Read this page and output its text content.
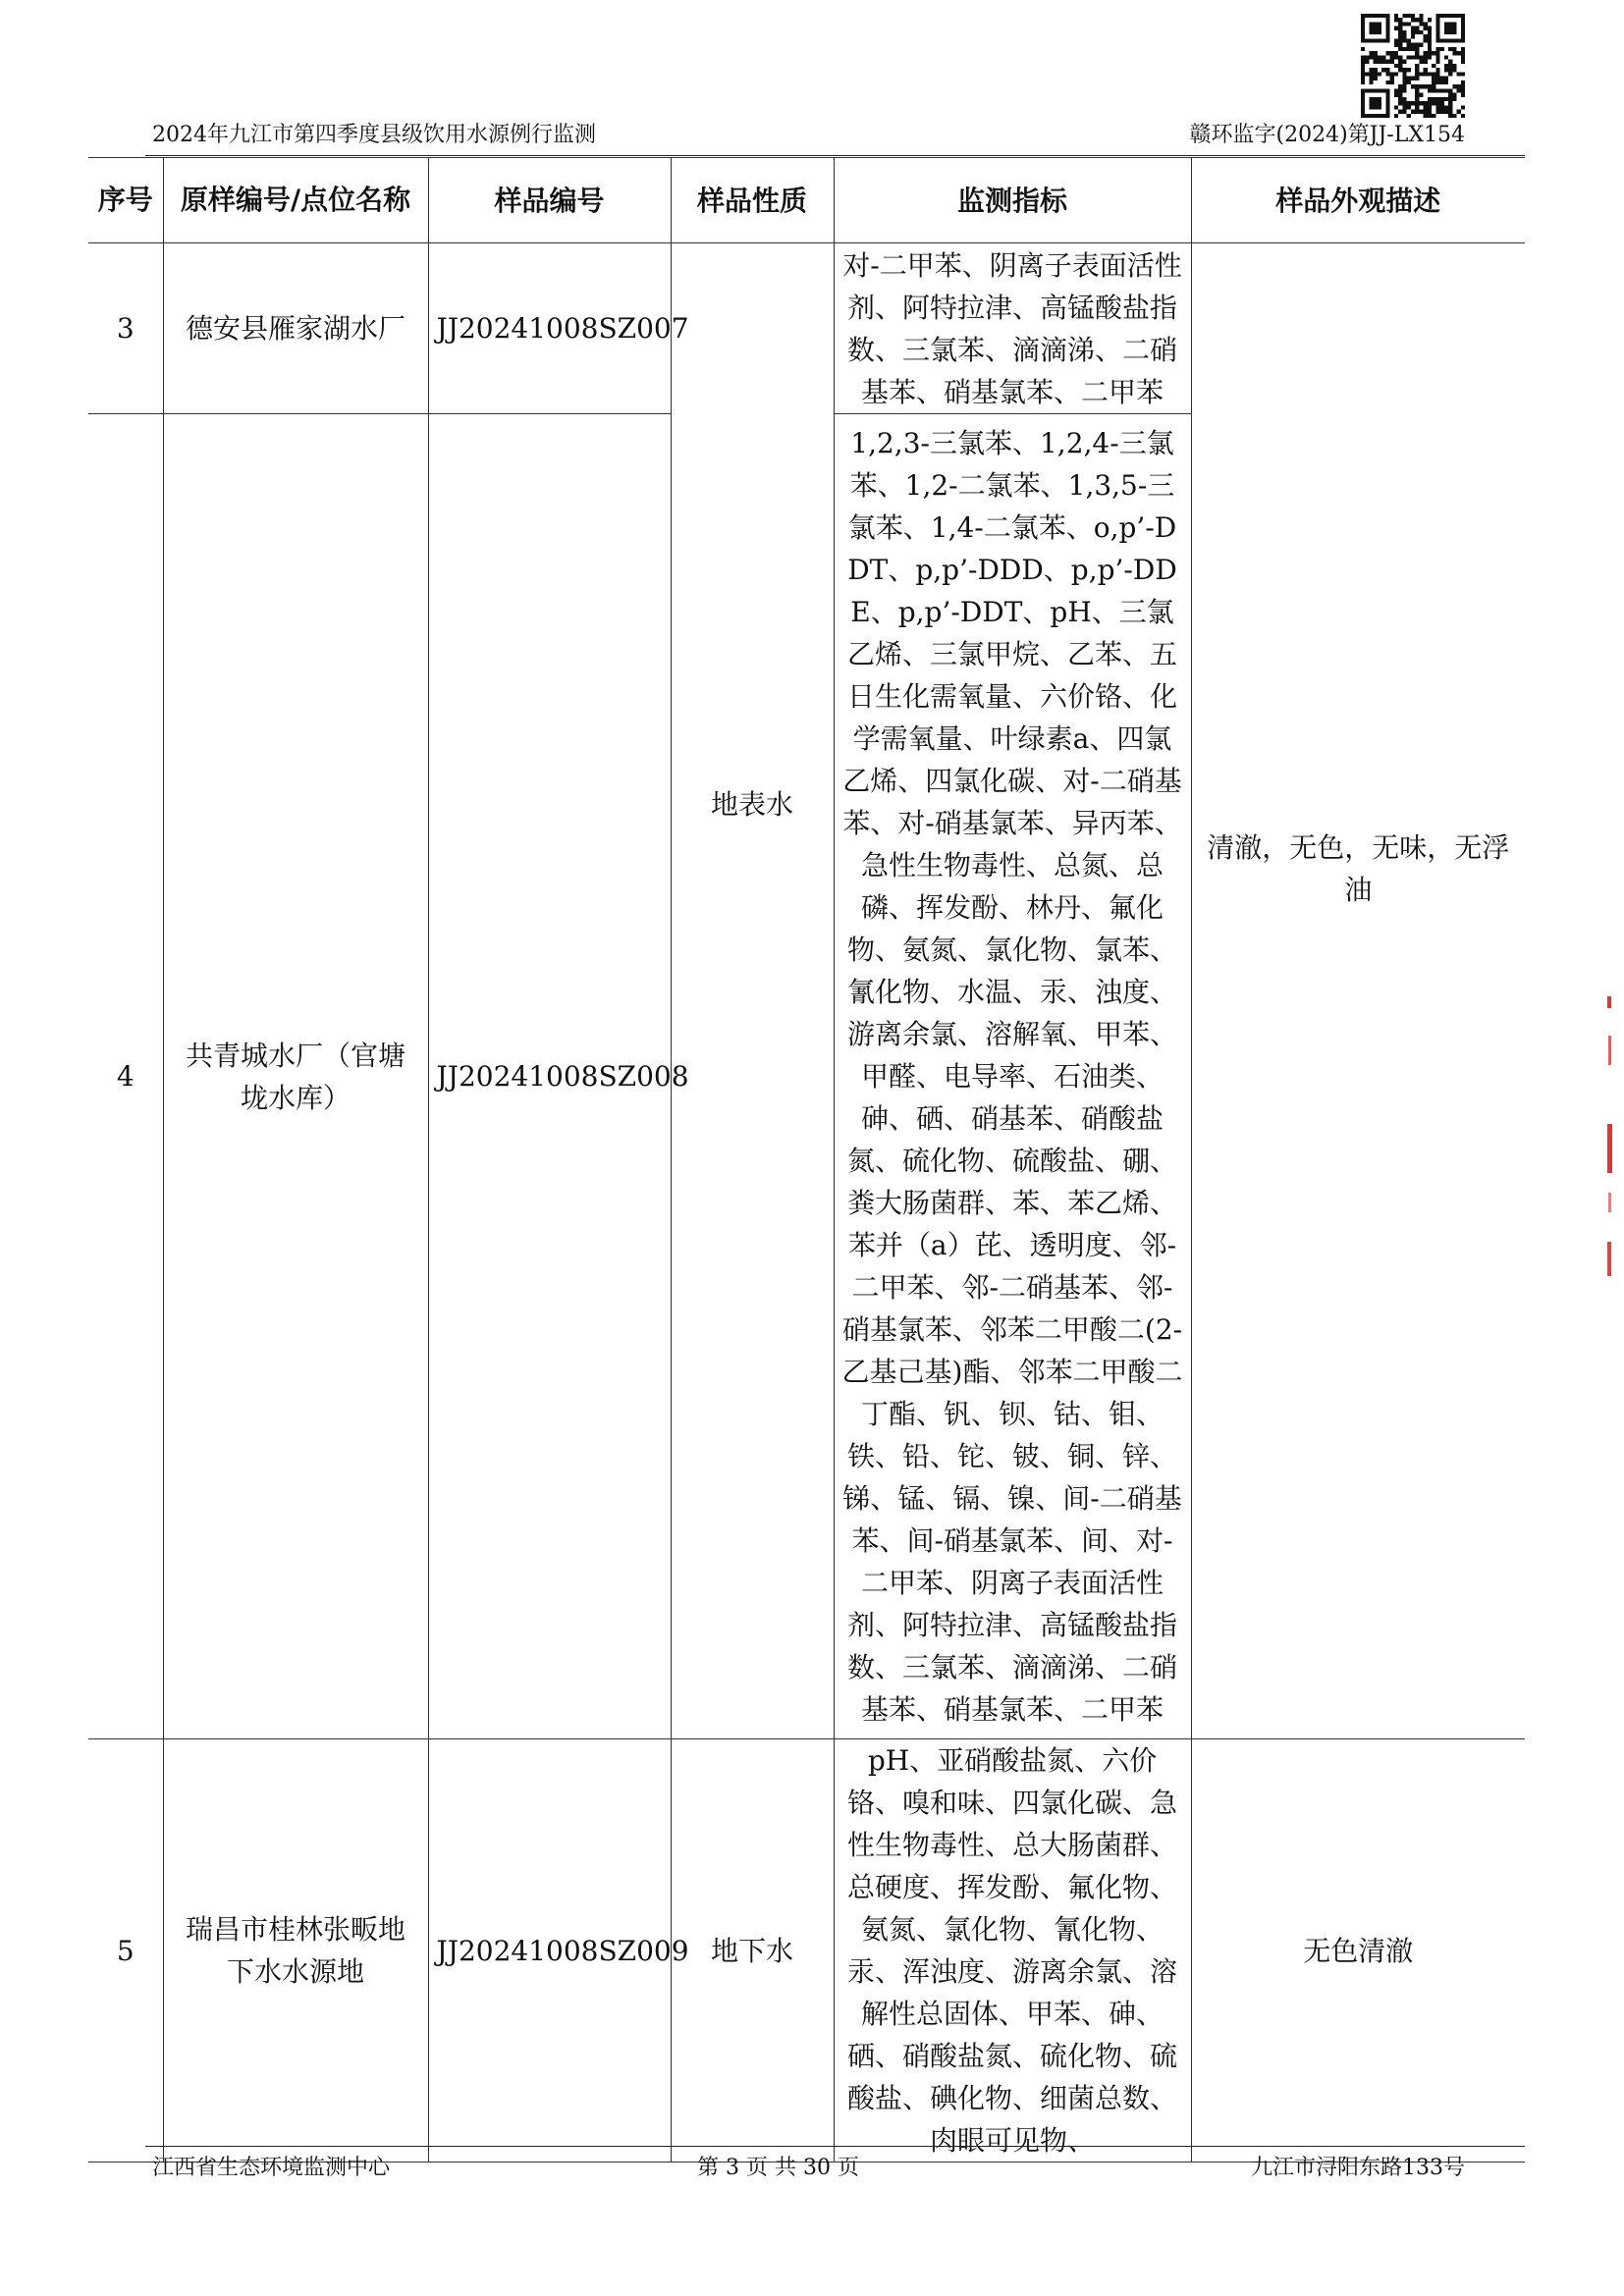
2024年九江市第四季度县级饮用水源例行监测	赣环监字(2024)第JJ-LX154
序号	原样编号/点位名称	样品编号	样品性质	监测指标	样品外观描述
3	德安县雁家湖水厂	JJ20241008SZ007	地表水	对-二甲苯、阴离子表面活性剂、阿特拉津、高锰酸盐指数、三氯苯、滴滴涕、二硝基苯、硝基氯苯、二甲苯	清澈，无色，无味，无浮油
4	共青城水厂（官塘垅水库）	JJ20241008SZ008		1,2,3-三氯苯、1,2,4-三氯苯、1,2-二氯苯、1,3,5-三氯苯、1,4-二氯苯、o,p’-DDT、p,p’-DDD、p,p’-DDE、p,p’-DDT、pH、三氯乙烯、三氯甲烷、乙苯、五日生化需氧量、六价铬、化学需氧量、叶绿素a、四氯乙烯、四氯化碳、对-二硝基苯、对-硝基氯苯、异丙苯、急性生物毒性、总氮、总磷、挥发酚、林丹、氟化物、氨氮、氯化物、氯苯、氰化物、水温、汞、浊度、游离余氯、溶解氧、甲苯、甲醛、电导率、石油类、砷、硒、硝基苯、硝酸盐氮、硫化物、硫酸盐、硼、粪大肠菌群、苯、苯乙烯、苯并（a）芘、透明度、邻-二甲苯、邻-二硝基苯、邻-硝基氯苯、邻苯二甲酸二(2-乙基己基)酯、邻苯二甲酸二丁酯、钒、钡、钴、钼、铁、铅、铊、铍、铜、锌、锑、锰、镉、镍、间-二硝基苯、间-硝基氯苯、间、对-二甲苯、阴离子表面活性剂、阿特拉津、高锰酸盐指数、三氯苯、滴滴涕、二硝基苯、硝基氯苯、二甲苯	
5	瑞昌市桂林张畈地下水水源地	JJ20241008SZ009	地下水	pH、亚硝酸盐氮、六价铬、嗅和味、四氯化碳、急性生物毒性、总大肠菌群、总硬度、挥发酚、氟化物、氨氮、氯化物、氰化物、汞、浑浊度、游离余氯、溶解性总固体、甲苯、砷、硒、硝酸盐氮、硫化物、硫酸盐、碘化物、细菌总数、肉眼可见物、	无色清澈
江西省生态环境监测中心	第 3 页 共 30 页	九江市浔阳东路133号
